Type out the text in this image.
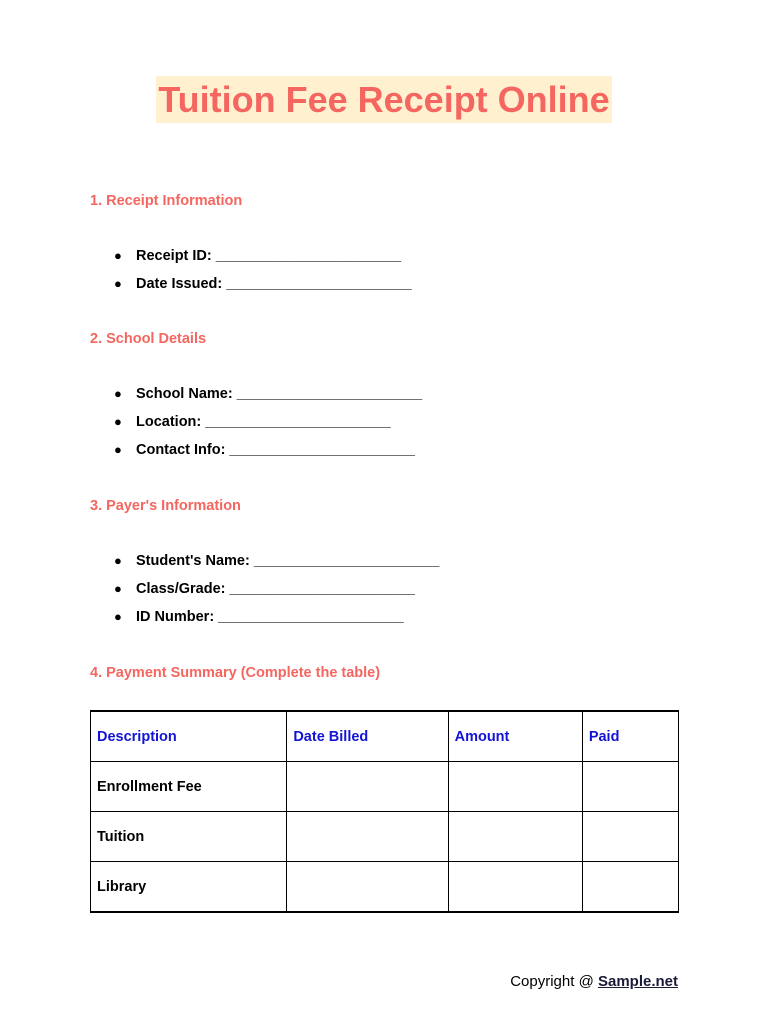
Tuition Fee Receipt Online
1. Receipt Information
● Receipt ID: _______________________
● Date Issued: _______________________
2. School Details
● School Name: _______________________
● Location: _______________________
● Contact Info: _______________________
3. Payer's Information
● Student's Name: _______________________
● Class/Grade: _______________________
● ID Number: _______________________
4. Payment Summary (Complete the table)
Description	Date Billed	Amount	Paid
Enrollment Fee			
Tuition			
Library			
Copyright @ Sample.net
